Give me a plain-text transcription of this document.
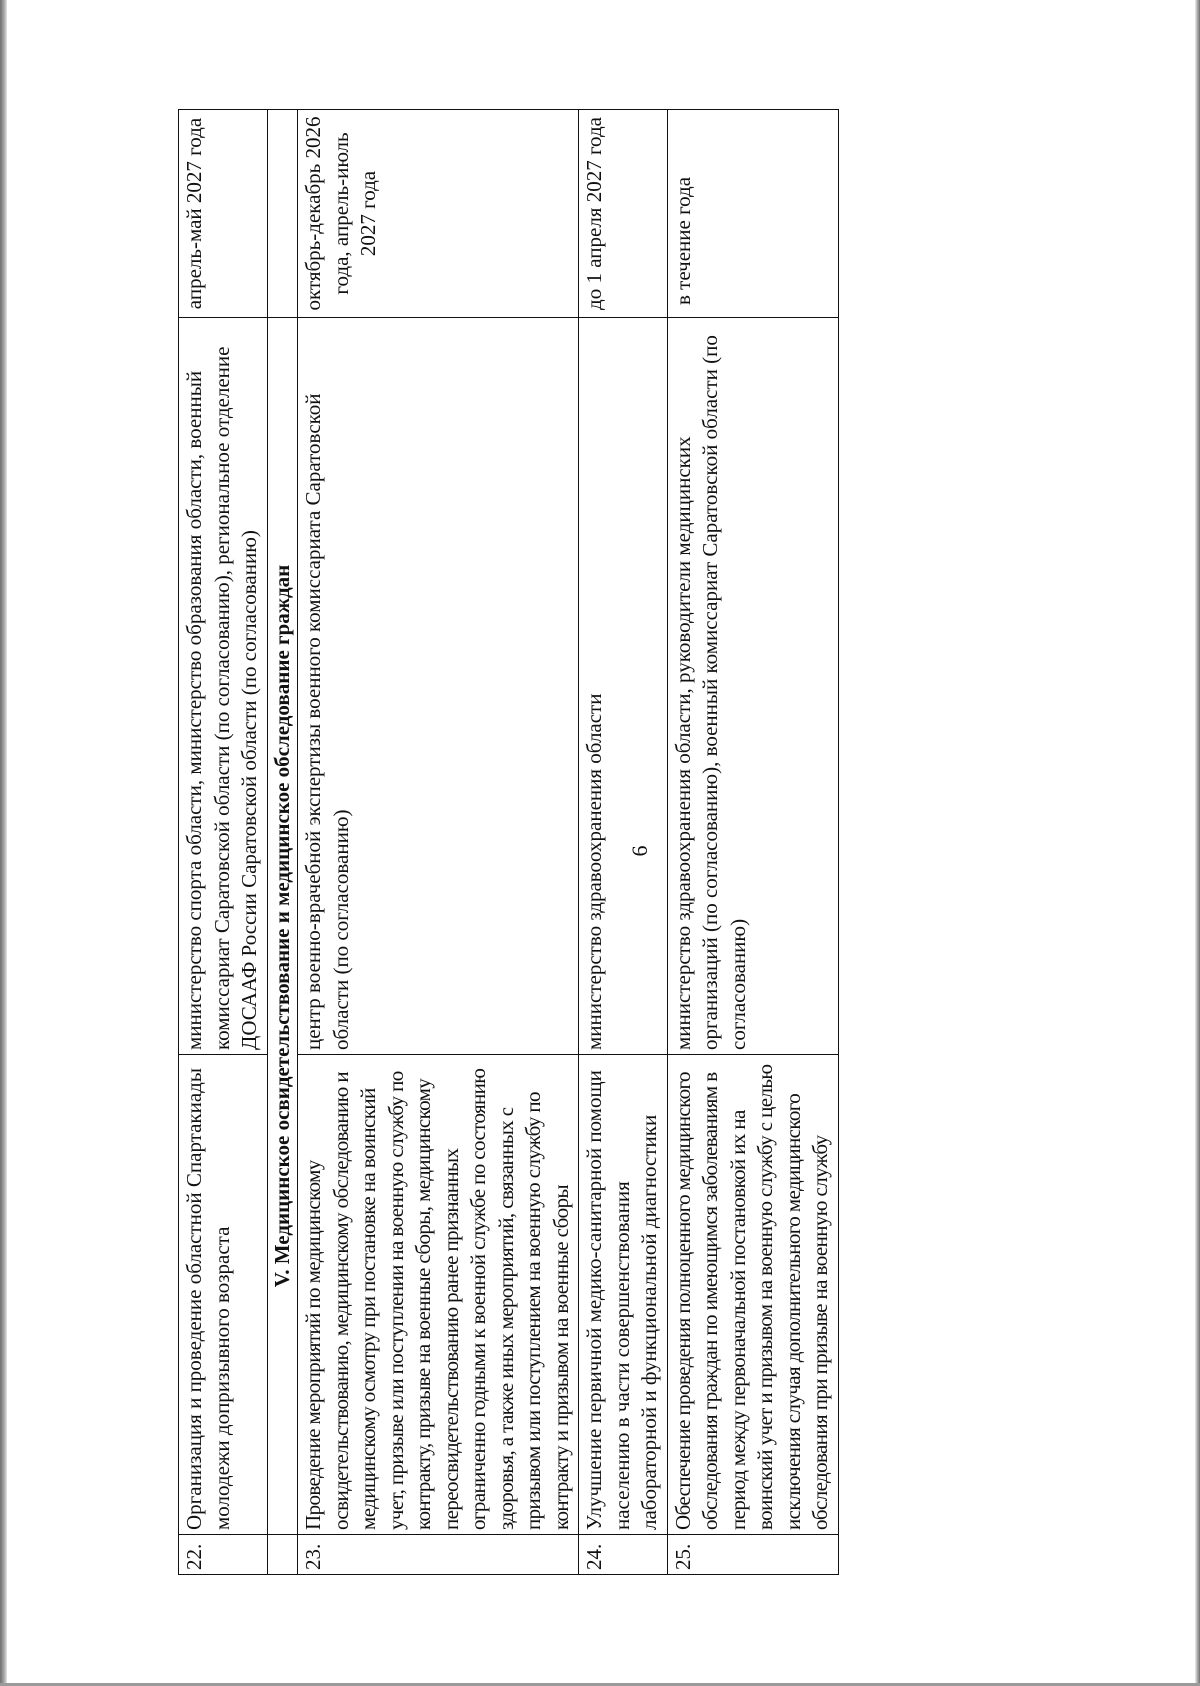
6
22.	Организация и проведение областной Спартакиады молодежи допризывного возраста	министерство спорта области, министерство образования области, военный комиссариат Саратовской области (по согласованию), региональное отделение ДОСААФ России Саратовской области (по согласованию)	апрель-май 2027 года
	V. Медицинское освидетельствование и медицинское обследование граждан		
23.	Проведение мероприятий по медицинскому освидетельствованию, медицинскому обследованию и медицинскому осмотру при постановке на воинский учет, призыве или поступлении на военную службу по контракту, призыве на военные сборы, медицинскому переосвидетельствованию ранее признанных ограниченно годными к военной службе по состоянию здоровья, а также иных мероприятий, связанных с призывом или поступлением на военную службу по контракту и призывом на военные сборы	центр военно-врачебной экспертизы военного комиссариата Саратовской области (по согласованию)	октябрь-декабрь 2026 года, апрель-июль 2027 года
24.	Улучшение первичной медико-санитарной помощи населению в части совершенствования лабораторной и функциональной диагностики	министерство здравоохранения области	до 1 апреля 2027 года
25.	Обеспечение проведения полноценного медицинского обследования граждан по имеющимся заболеваниям в период между первоначальной постановкой их на воинский учет и призывом на военную службу с целью исключения случая дополнительного медицинского обследования при призыве на военную службу	министерство здравоохранения области, руководители медицинских организаций (по согласованию), военный комиссариат Саратовской области (по согласованию)	в течение года
